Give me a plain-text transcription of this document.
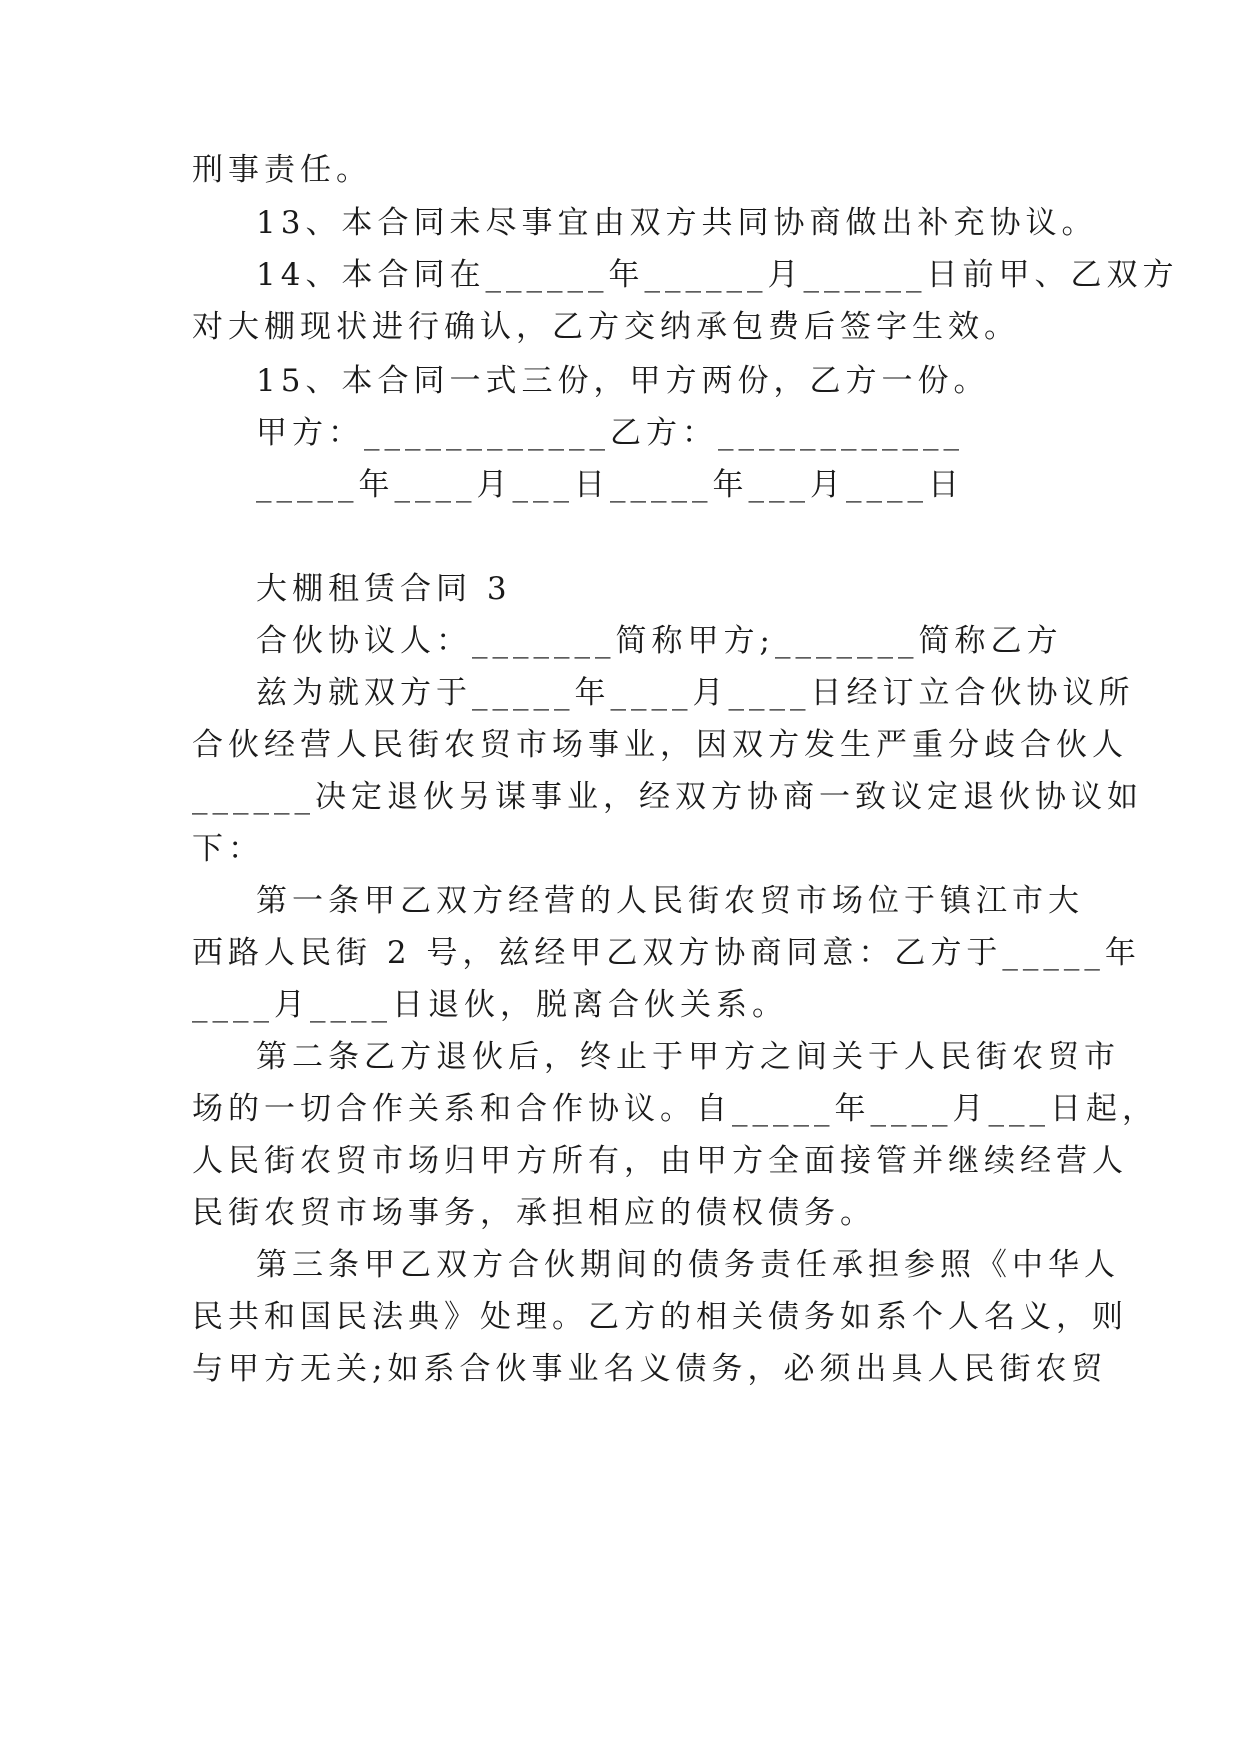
刑事责任。
13、本合同未尽事宜由双方共同协商做出补充协议。
14、本合同在______年______月______日前甲、乙双方
对大棚现状进行确认，乙方交纳承包费后签字生效。
15、本合同一式三份，甲方两份，乙方一份。
甲方：____________乙方：____________
_____年____月___日_____年___月____日
大棚租赁合同 3
合伙协议人：_______简称甲方;_______简称乙方
兹为就双方于_____年____月____日经订立合伙协议所
合伙经营人民街农贸市场事业，因双方发生严重分歧合伙人
______决定退伙另谋事业，经双方协商一致议定退伙协议如
下：
第一条甲乙双方经营的人民街农贸市场位于镇江市大
西路人民街 2 号，兹经甲乙双方协商同意：乙方于_____年
____月____日退伙，脱离合伙关系。
第二条乙方退伙后，终止于甲方之间关于人民街农贸市
场的一切合作关系和合作协议。自_____年____月___日起，
人民街农贸市场归甲方所有，由甲方全面接管并继续经营人
民街农贸市场事务，承担相应的债权债务。
第三条甲乙双方合伙期间的债务责任承担参照《中华人
民共和国民法典》处理。乙方的相关债务如系个人名义，则
与甲方无关;如系合伙事业名义债务，必须出具人民街农贸
